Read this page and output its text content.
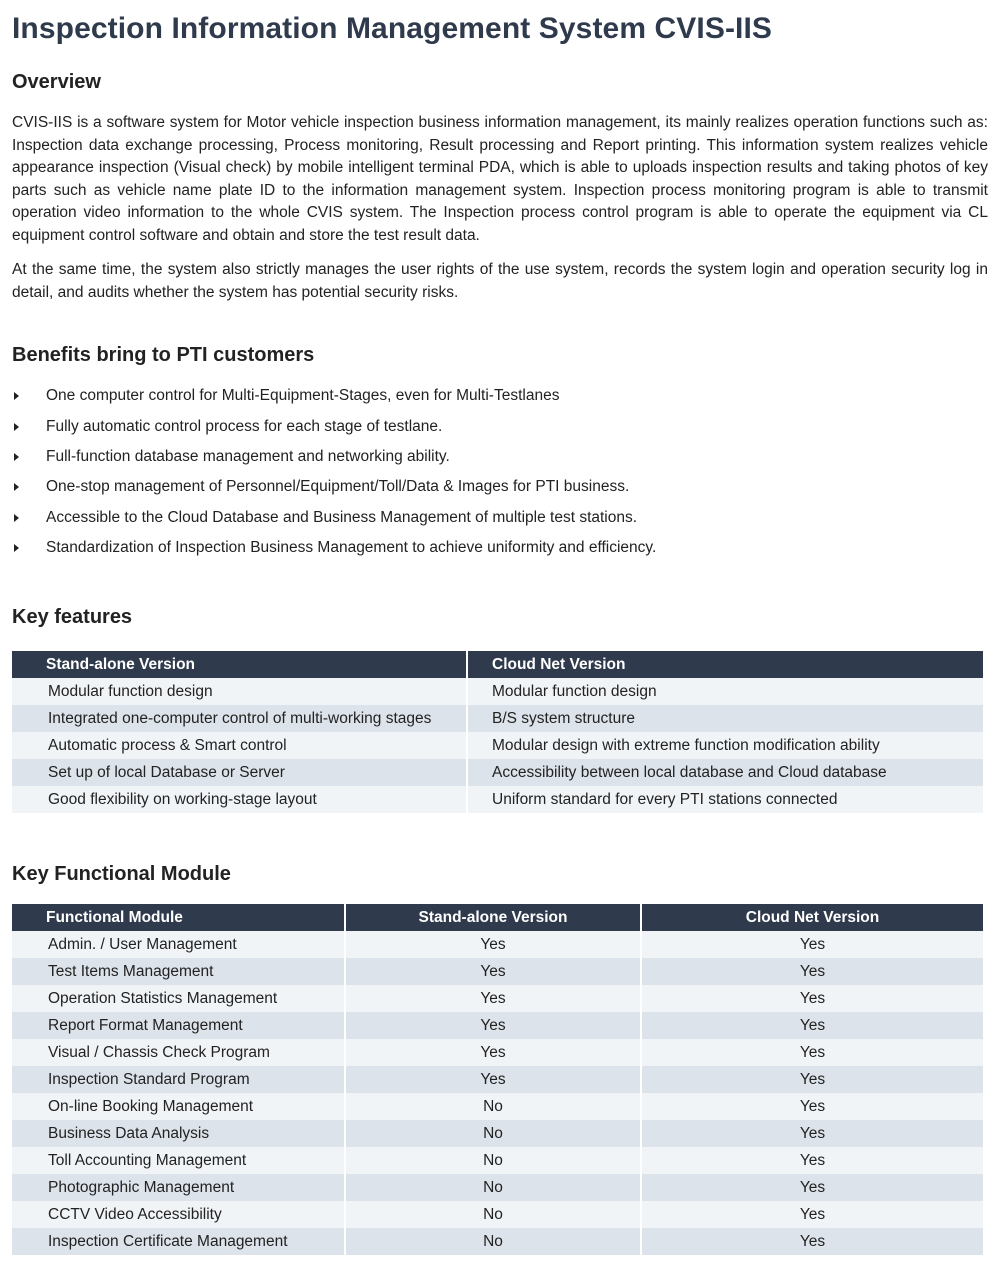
Inspection Information Management System CVIS-IIS
Overview

CVIS-IIS is a software system for Motor vehicle inspection business information management, its mainly realizes operation functions such as: Inspection data exchange processing, Process monitoring, Result processing and Report printing. This information system realizes vehicle appearance inspection (Visual check) by mobile intelligent terminal PDA, which is able to uploads inspection results and taking photos of key parts such as vehicle name plate ID to the information management system. Inspection process monitoring program is able to transmit operation video information to the whole CVIS system. The Inspection process control program is able to operate the equipment via CL equipment control software and obtain and store the test result data.

At the same time, the system also strictly manages the user rights of the use system, records the system login and operation security log in detail, and audits whether the system has potential security risks.

Benefits bring to PTI customers
One computer control for Multi-Equipment-Stages, even for Multi-Testlanes
Fully automatic control process for each stage of testlane.
Full-function database management and networking ability.
One-stop management of Personnel/Equipment/Toll/Data & Images for PTI business.
Accessible to the Cloud Database and Business Management of multiple test stations.
Standardization of Inspection Business Management to achieve uniformity and efficiency.
Key features
Stand-alone Version	Cloud Net Version
Modular function design	Modular function design
Integrated one-computer control of multi-working stages	B/S system structure
Automatic process & Smart control	Modular design with extreme function modification ability
Set up of local Database or Server	Accessibility between local database and Cloud database
Good flexibility on working-stage layout	Uniform standard for every PTI stations connected
Key Functional Module
Functional Module	Stand-alone Version	Cloud Net Version
Admin. / User Management	Yes	Yes
Test Items Management	Yes	Yes
Operation Statistics Management	Yes	Yes
Report Format Management	Yes	Yes
Visual / Chassis Check Program	Yes	Yes
Inspection Standard Program	Yes	Yes
On-line Booking Management	No	Yes
Business Data Analysis	No	Yes
Toll Accounting Management	No	Yes
Photographic Management	No	Yes
CCTV Video Accessibility	No	Yes
Inspection Certificate Management	No	Yes
